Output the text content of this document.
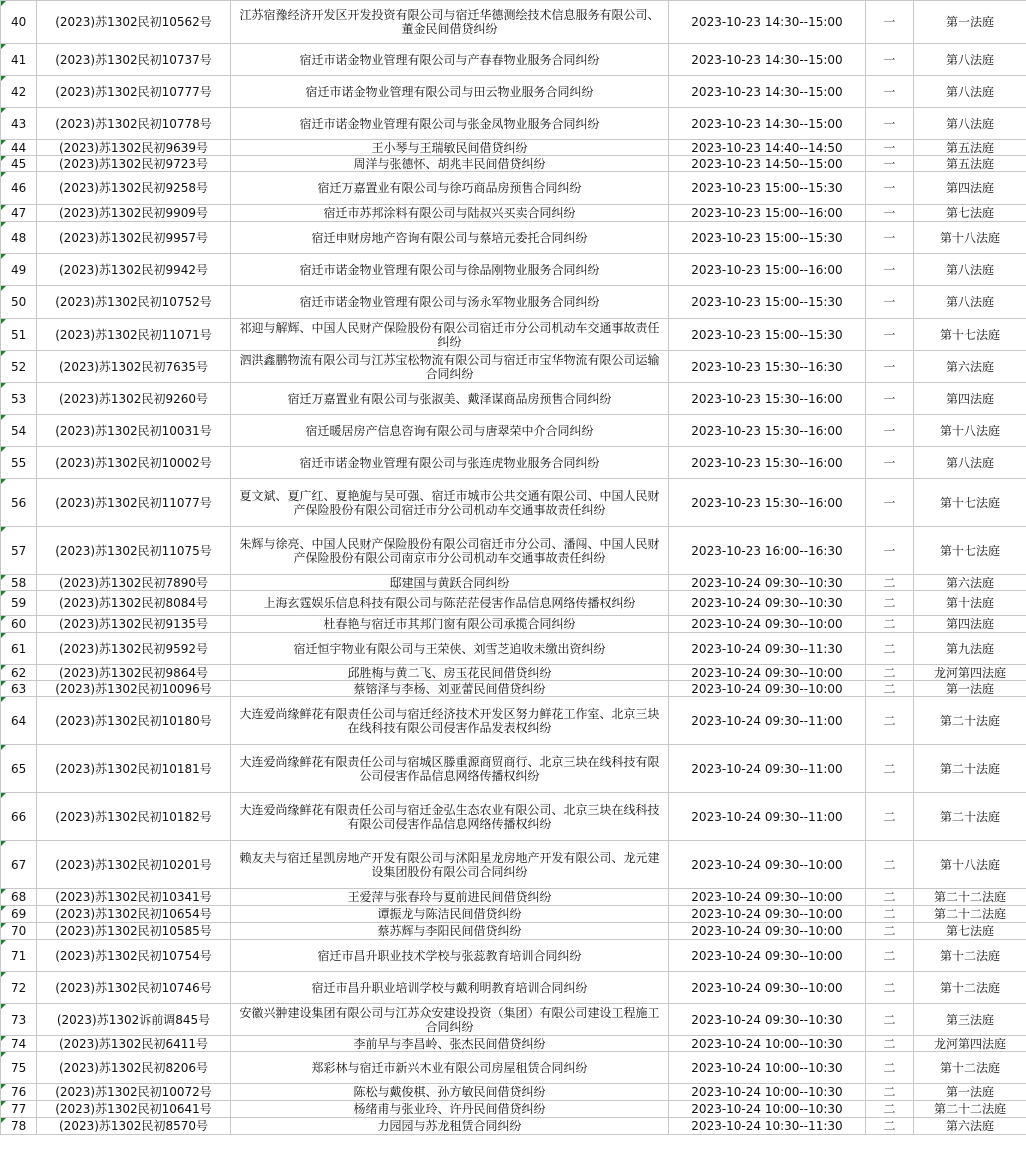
40	(2023)苏1302民初10562号	江苏宿豫经济开发区开发投资有限公司与宿迁华德测绘技术信息服务有限公司、董金民间借贷纠纷	2023-10-23 14:30--15:00	一	第一法庭
41	(2023)苏1302民初10737号	宿迁市诺金物业管理有限公司与产春春物业服务合同纠纷	2023-10-23 14:30--15:00	一	第八法庭
42	(2023)苏1302民初10777号	宿迁市诺金物业管理有限公司与田云物业服务合同纠纷	2023-10-23 14:30--15:00	一	第八法庭
43	(2023)苏1302民初10778号	宿迁市诺金物业管理有限公司与张金凤物业服务合同纠纷	2023-10-23 14:30--15:00	一	第八法庭
44	(2023)苏1302民初9639号	王小琴与王瑞敏民间借贷纠纷	2023-10-23 14:40--14:50	一	第五法庭
45	(2023)苏1302民初9723号	周洋与张德怀、胡兆丰民间借贷纠纷	2023-10-23 14:50--15:00	一	第五法庭
46	(2023)苏1302民初9258号	宿迁万嘉置业有限公司与徐巧商品房预售合同纠纷	2023-10-23 15:00--15:30	一	第四法庭
47	(2023)苏1302民初9909号	宿迁市苏邦涂料有限公司与陆叔兴买卖合同纠纷	2023-10-23 15:00--16:00	一	第七法庭
48	(2023)苏1302民初9957号	宿迁申财房地产咨询有限公司与蔡培元委托合同纠纷	2023-10-23 15:00--15:30	一	第十八法庭
49	(2023)苏1302民初9942号	宿迁市诺金物业管理有限公司与徐品刚物业服务合同纠纷	2023-10-23 15:00--16:00	一	第八法庭
50	(2023)苏1302民初10752号	宿迁市诺金物业管理有限公司与汤永军物业服务合同纠纷	2023-10-23 15:00--15:30	一	第八法庭
51	(2023)苏1302民初11071号	祁迎与解辉、中国人民财产保险股份有限公司宿迁市分公司机动车交通事故责任纠纷	2023-10-23 15:00--15:30	一	第十七法庭
52	(2023)苏1302民初7635号	泗洪鑫鹏物流有限公司与江苏宝松物流有限公司与宿迁市宝华物流有限公司运输合同纠纷	2023-10-23 15:30--16:30	一	第六法庭
53	(2023)苏1302民初9260号	宿迁万嘉置业有限公司与张淑美、戴泽谋商品房预售合同纠纷	2023-10-23 15:30--16:00	一	第四法庭
54	(2023)苏1302民初10031号	宿迁暖居房产信息咨询有限公司与唐翠荣中介合同纠纷	2023-10-23 15:30--16:00	一	第十八法庭
55	(2023)苏1302民初10002号	宿迁市诺金物业管理有限公司与张连虎物业服务合同纠纷	2023-10-23 15:30--16:00	一	第八法庭
56	(2023)苏1302民初11077号	夏文斌、夏广红、夏艳旎与吴可强、宿迁市城市公共交通有限公司、中国人民财产保险股份有限公司宿迁市分公司机动车交通事故责任纠纷	2023-10-23 15:30--16:00	一	第十七法庭
57	(2023)苏1302民初11075号	朱辉与徐亮、中国人民财产保险股份有限公司宿迁市分公司、潘闯、中国人民财产保险股份有限公司南京市分公司机动车交通事故责任纠纷	2023-10-23 16:00--16:30	一	第十七法庭
58	(2023)苏1302民初7890号	邸建国与黄跃合同纠纷	2023-10-24 09:30--10:30	二	第六法庭
59	(2023)苏1302民初8084号	上海玄霆娱乐信息科技有限公司与陈茫茫侵害作品信息网络传播权纠纷	2023-10-24 09:30--10:30	二	第十法庭
60	(2023)苏1302民初9135号	杜春艳与宿迁市其邦门窗有限公司承揽合同纠纷	2023-10-24 09:30--10:00	二	第四法庭
61	(2023)苏1302民初9592号	宿迁恒宇物业有限公司与王荣侠、刘雪芝追收未缴出资纠纷	2023-10-24 09:30--11:30	二	第九法庭
62	(2023)苏1302民初9864号	邱胜梅与黄二飞、房玉花民间借贷纠纷	2023-10-24 09:30--10:00	二	龙河第四法庭
63	(2023)苏1302民初10096号	蔡镕泽与李杨、刘亚蕾民间借贷纠纷	2023-10-24 09:30--10:00	二	第一法庭
64	(2023)苏1302民初10180号	大连爱尚缘鲜花有限责任公司与宿迁经济技术开发区努力鲜花工作室、北京三块在线科技有限公司侵害作品发表权纠纷	2023-10-24 09:30--11:00	二	第二十法庭
65	(2023)苏1302民初10181号	大连爱尚缘鲜花有限责任公司与宿城区滕重源商贸商行、北京三块在线科技有限公司侵害作品信息网络传播权纠纷	2023-10-24 09:30--11:00	二	第二十法庭
66	(2023)苏1302民初10182号	大连爱尚缘鲜花有限责任公司与宿迁金弘生态农业有限公司、北京三块在线科技有限公司侵害作品信息网络传播权纠纷	2023-10-24 09:30--11:00	二	第二十法庭
67	(2023)苏1302民初10201号	赖友夫与宿迁星凯房地产开发有限公司与沭阳星龙房地产开发有限公司、龙元建设集团股份有限公司合同纠纷	2023-10-24 09:30--10:00	二	第十八法庭
68	(2023)苏1302民初10341号	王爱萍与张春玲与夏前进民间借贷纠纷	2023-10-24 09:30--10:00	二	第二十二法庭
69	(2023)苏1302民初10654号	谭振龙与陈洁民间借贷纠纷	2023-10-24 09:30--10:00	二	第二十二法庭
70	(2023)苏1302民初10585号	蔡苏辉与李阳民间借贷纠纷	2023-10-24 09:30--10:00	二	第七法庭
71	(2023)苏1302民初10754号	宿迁市昌升职业技术学校与张蕊教育培训合同纠纷	2023-10-24 09:30--10:00	二	第十二法庭
72	(2023)苏1302民初10746号	宿迁市昌升职业培训学校与戴利明教育培训合同纠纷	2023-10-24 09:30--10:00	二	第十二法庭
73	(2023)苏1302诉前调845号	安徽兴翀建设集团有限公司与江苏众安建设投资（集团）有限公司建设工程施工合同纠纷	2023-10-24 09:30--10:30	二	第三法庭
74	(2023)苏1302民初6411号	李前早与李昌岭、张杰民间借贷纠纷	2023-10-24 10:00--10:30	二	龙河第四法庭
75	(2023)苏1302民初8206号	郑彩林与宿迁市新兴木业有限公司房屋租赁合同纠纷	2023-10-24 10:00--10:30	二	第十二法庭
76	(2023)苏1302民初10072号	陈松与戴俊棋、孙方敏民间借贷纠纷	2023-10-24 10:00--10:30	二	第一法庭
77	(2023)苏1302民初10641号	杨绪甫与张业玲、许丹民间借贷纠纷	2023-10-24 10:00--10:30	二	第二十二法庭
78	(2023)苏1302民初8570号	力园园与苏龙租赁合同纠纷	2023-10-24 10:30--11:30	二	第六法庭
